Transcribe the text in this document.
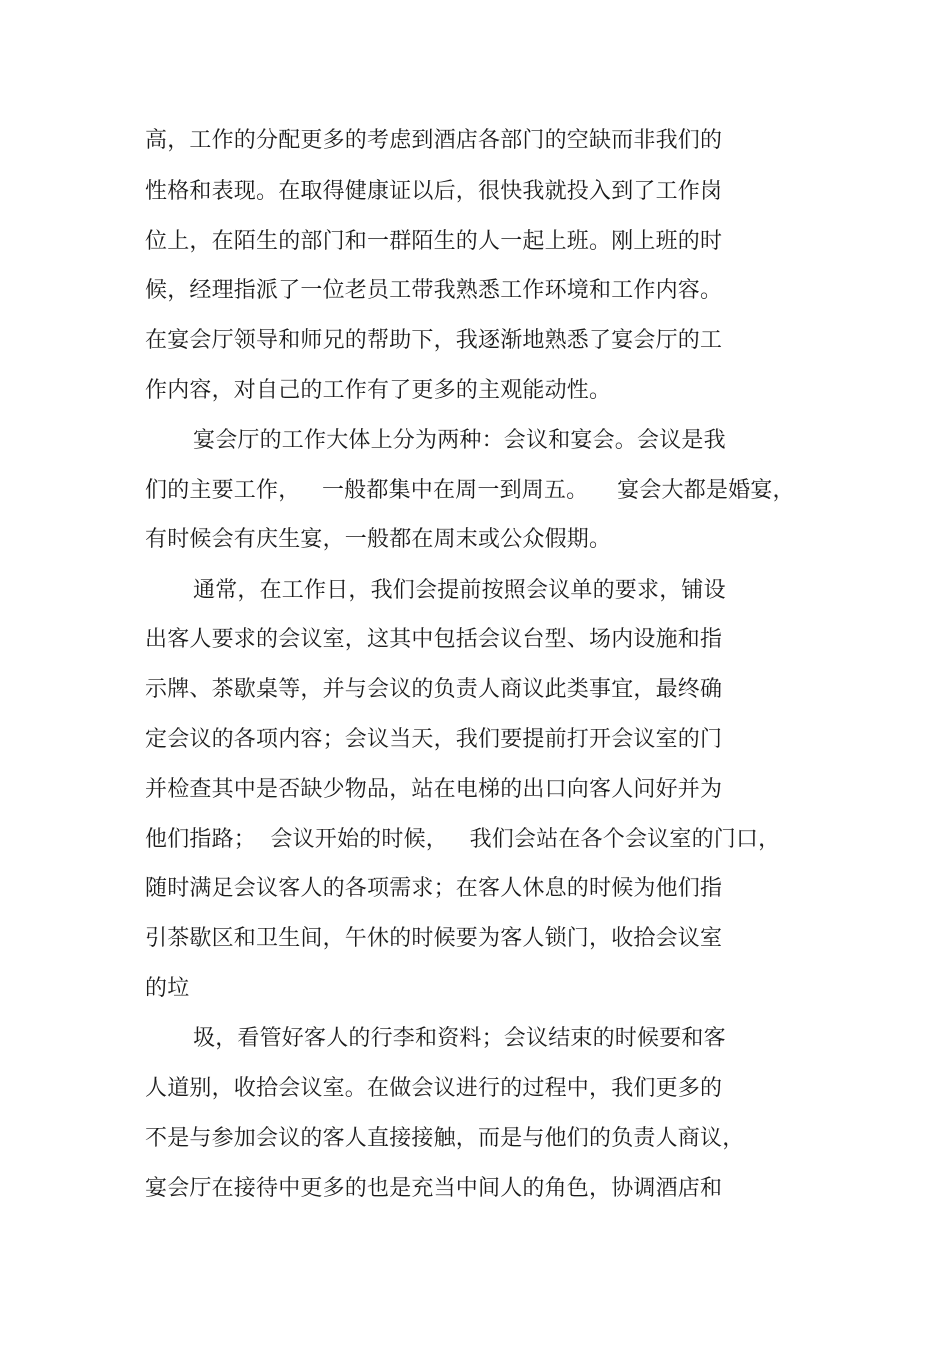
高，工作的分配更多的考虑到酒店各部门的空缺而非我们的
性格和表现。在取得健康证以后，很快我就投入到了工作岗
位上，在陌生的部门和一群陌生的人一起上班。刚上班的时
候，经理指派了一位老员工带我熟悉工作环境和工作内容。
在宴会厅领导和师兄的帮助下，我逐渐地熟悉了宴会厅的工
作内容，对自己的工作有了更多的主观能动性。
宴会厅的工作大体上分为两种：会议和宴会。会议是我
们的主要工作，   一般都集中在周一到周五。    宴会大都是婚宴，
有时候会有庆生宴，一般都在周末或公众假期。
通常，在工作日，我们会提前按照会议单的要求，铺设
出客人要求的会议室，这其中包括会议台型、场内设施和指
示牌、茶歇桌等，并与会议的负责人商议此类事宜，最终确
定会议的各项内容；会议当天，我们要提前打开会议室的门
并检查其中是否缺少物品，站在电梯的出口向客人问好并为
他们指路；  会议开始的时候，   我们会站在各个会议室的门口，
随时满足会议客人的各项需求；在客人休息的时候为他们指
引茶歇区和卫生间，午休的时候要为客人锁门，收拾会议室
的垃
圾，看管好客人的行李和资料；会议结束的时候要和客
人道别，收拾会议室。在做会议进行的过程中，我们更多的
不是与参加会议的客人直接接触，而是与他们的负责人商议，
宴会厅在接待中更多的也是充当中间人的角色，协调酒店和
